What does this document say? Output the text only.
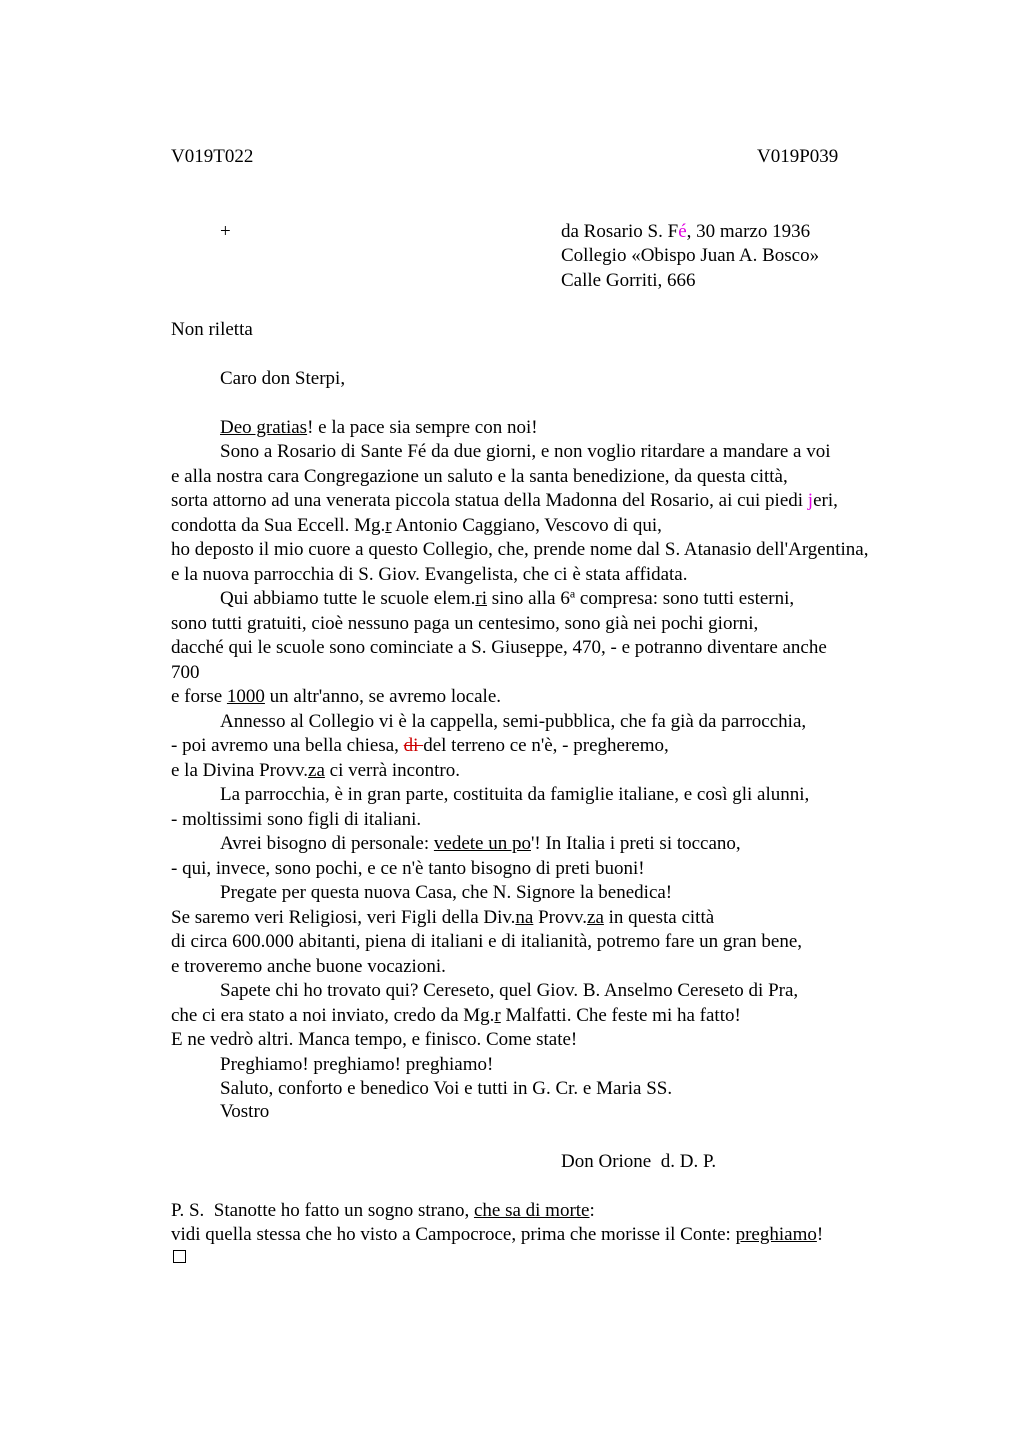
V019T022	V019P039
+	da Rosario S. Fé, 30 marzo 1936
Collegio «Obispo Juan A. Bosco»
Calle Gorriti, 666
Non riletta
Caro don Sterpi,
Deo gratias! e la pace sia sempre con noi!
Sono a Rosario di Sante Fé da due giorni, e non voglio ritardare a mandare a voi
e alla nostra cara Congregazione un saluto e la santa benedizione, da questa città,
sorta attorno ad una venerata piccola statua della Madonna del Rosario, ai cui piedi jeri,
condotta da Sua Eccell. Mg.r Antonio Caggiano, Vescovo di qui,
ho deposto il mio cuore a questo Collegio, che, prende nome dal S. Atanasio dell'Argentina,
e la nuova parrocchia di S. Giov. Evangelista, che ci è stata affidata.
Qui abbiamo tutte le scuole elem.ri sino alla 6$^a$ compresa: sono tutti esterni,
sono tutti gratuiti, cioè nessuno paga un centesimo, sono già nei pochi giorni,
dacché qui le scuole sono cominciate a S. Giuseppe, 470, - e potranno diventare anche
700
e forse 1000 un altr'anno, se avremo locale.
Annesso al Collegio vi è la cappella, semi-pubblica, che fa già da parrocchia,
- poi avremo una bella chiesa, di del terreno ce n'è, - pregheremo,
e la Divina Provv.za ci verrà incontro.
La parrocchia, è in gran parte, costituita da famiglie italiane, e così gli alunni,
- moltissimi sono figli di italiani.
Avrei bisogno di personale: vedete un po'! In Italia i preti si toccano,
- qui, invece, sono pochi, e ce n'è tanto bisogno di preti buoni!
Pregate per questa nuova Casa, che N. Signore la benedica!
Se saremo veri Religiosi, veri Figli della Div.na Provv.za in questa città
di circa 600.000 abitanti, piena di italiani e di italianità, potremo fare un gran bene,
e troveremo anche buone vocazioni.
Sapete chi ho trovato qui? Cereseto, quel Giov. B. Anselmo Cereseto di Pra,
che ci era stato a noi inviato, credo da Mg.r Malfatti. Che feste mi ha fatto!
E ne vedrò altri. Manca tempo, e finisco. Come state!
Preghiamo! preghiamo! preghiamo!
Saluto, conforto e benedico Voi e tutti in G. Cr. e Maria SS.
Vostro
Don Orione  d. D. P.
P. S.  Stanotte ho fatto un sogno strano, che sa di morte:
vidi quella stessa che ho visto a Campocroce, prima che morisse il Conte: preghiamo!
